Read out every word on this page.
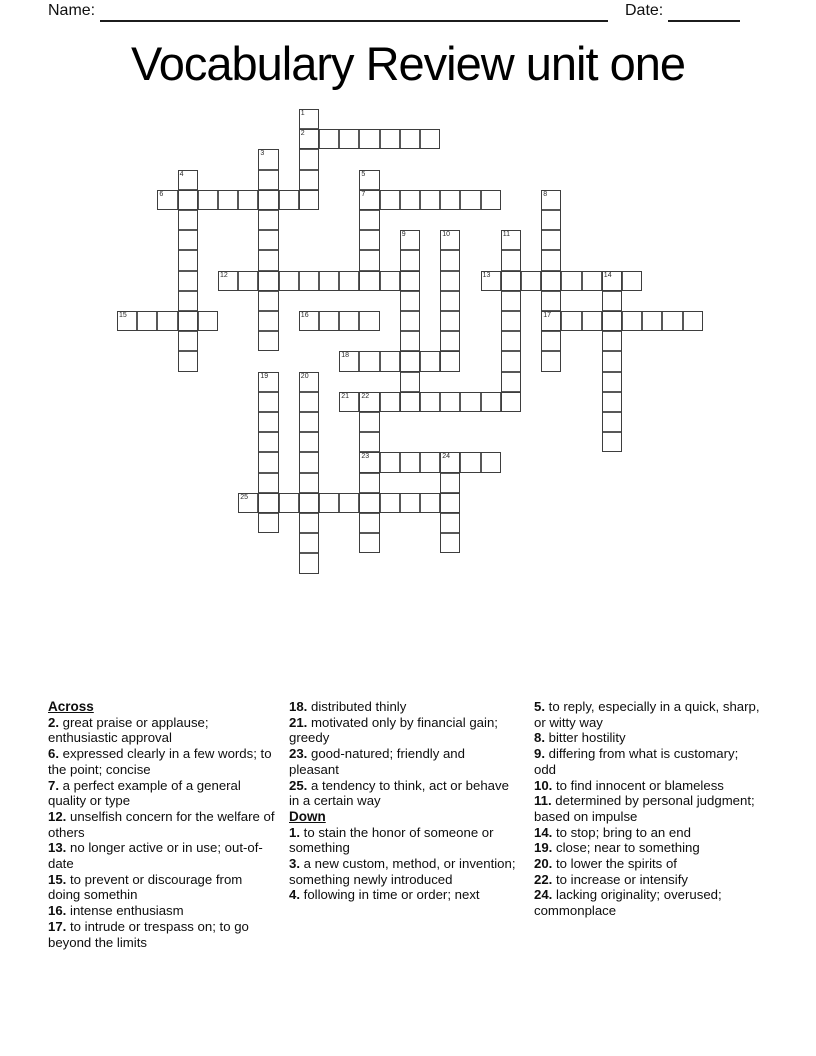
Name:	Date:
Vocabulary Review unit one
1
2
3
4	5
7
6	8
17
9	10	11
12	13	14
15	16
18
19	20
21 22
23	24
25
Across
2. great praise or applause; enthusiastic approval
6. expressed clearly in a few words; to the point; concise
7. a perfect example of a general quality or type
12. unselfish concern for the welfare of others
13. no longer active or in use; out-of-date
15. to prevent or discourage from doing somethin
16. intense enthusiasm
17. to intrude or trespass on; to go beyond the limits
18. distributed thinly
21. motivated only by financial gain; greedy
23. good-natured; friendly and pleasant
25. a tendency to think, act or behave in a certain way
Down
1. to stain the honor of someone or something
3. a new custom, method, or invention; something newly introduced
4. following in time or order; next
5. to reply, especially in a quick, sharp, or witty way
8. bitter hostility
9. differing from what is customary; odd
10. to find innocent or blameless
11. determined by personal judgment; based on impulse
14. to stop; bring to an end
19. close; near to something
20. to lower the spirits of
22. to increase or intensify
24. lacking originality; overused; commonplace
